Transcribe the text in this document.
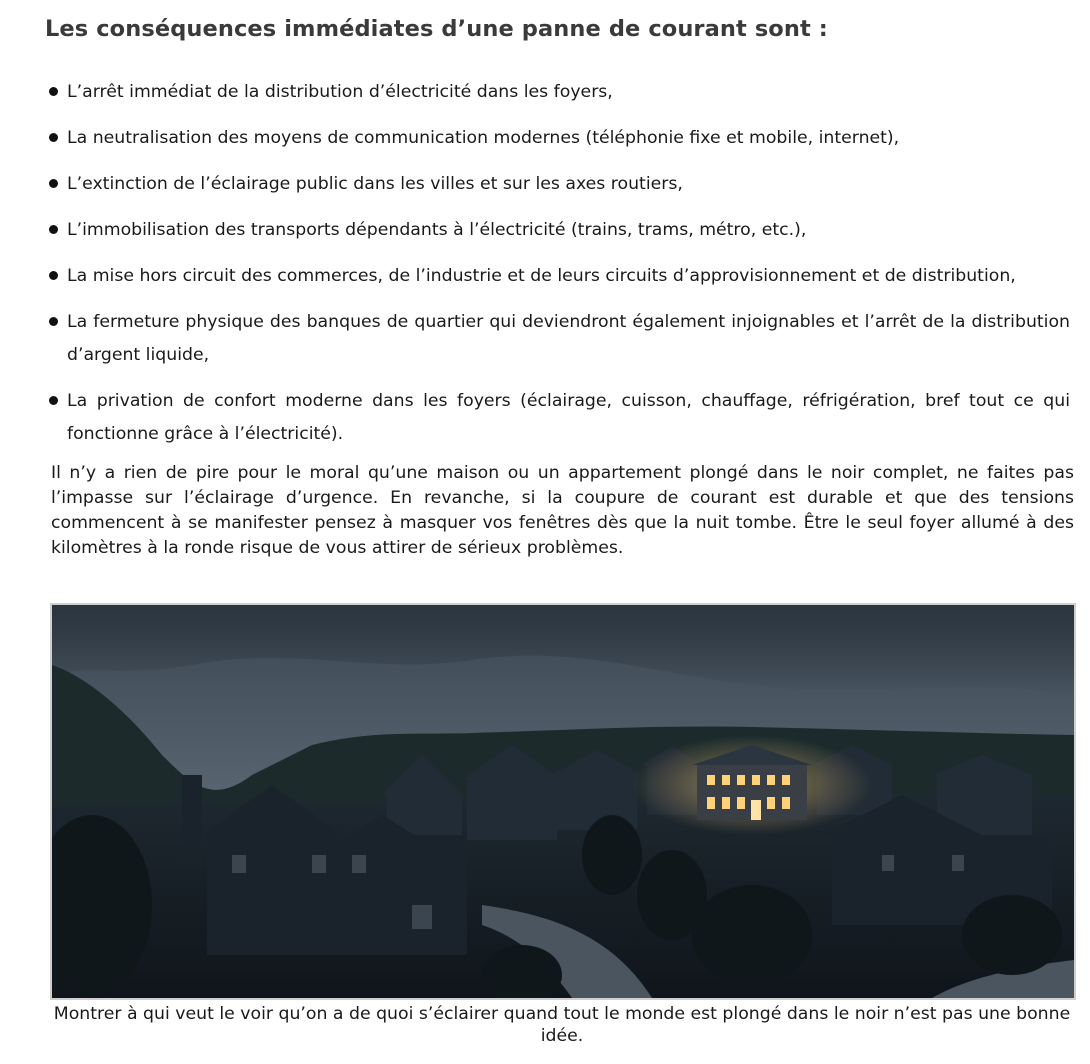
Les conséquences immédiates d’une panne de courant sont :
L’arrêt immédiat de la distribution d’électricité dans les foyers,
La neutralisation des moyens de communication modernes (téléphonie fixe et mobile, internet),
L’extinction de l’éclairage public dans les villes et sur les axes routiers,
L’immobilisation des transports dépendants à l’électricité (trains, trams, métro, etc.),
La mise hors circuit des commerces, de l’industrie et de leurs circuits d’approvisionnement et de distribution,
La fermeture physique des banques de quartier qui deviendront également injoignables et l’arrêt de la distribution d’argent liquide,
La privation de confort moderne dans les foyers (éclairage, cuisson, chauffage, réfrigération, bref tout ce qui fonctionne grâce à l’électricité).

Il n’y a rien de pire pour le moral qu’une maison ou un appartement plongé dans le noir complet, ne faites pas l’impasse sur l’éclairage d’urgence. En revanche, si la coupure de courant est durable et que des tensions commencent à se manifester pensez à masquer vos fenêtres dès que la nuit tombe. Être le seul foyer allumé à des kilomètres à la ronde risque de vous attirer de sérieux problèmes.

Montrer à qui veut le voir qu’on a de quoi s’éclairer quand tout le monde est plongé dans le noir n’est pas une bonne idée.
